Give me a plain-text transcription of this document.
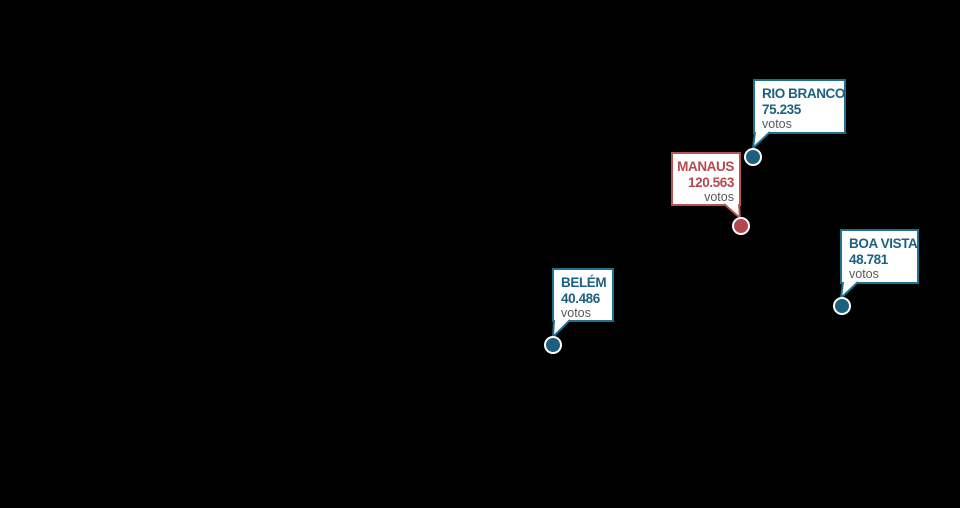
RIO BRANCO
75.235
votos
MANAUS
120.563
votos
BOA VISTA
48.781
votos
BELÉM
40.486
votos
